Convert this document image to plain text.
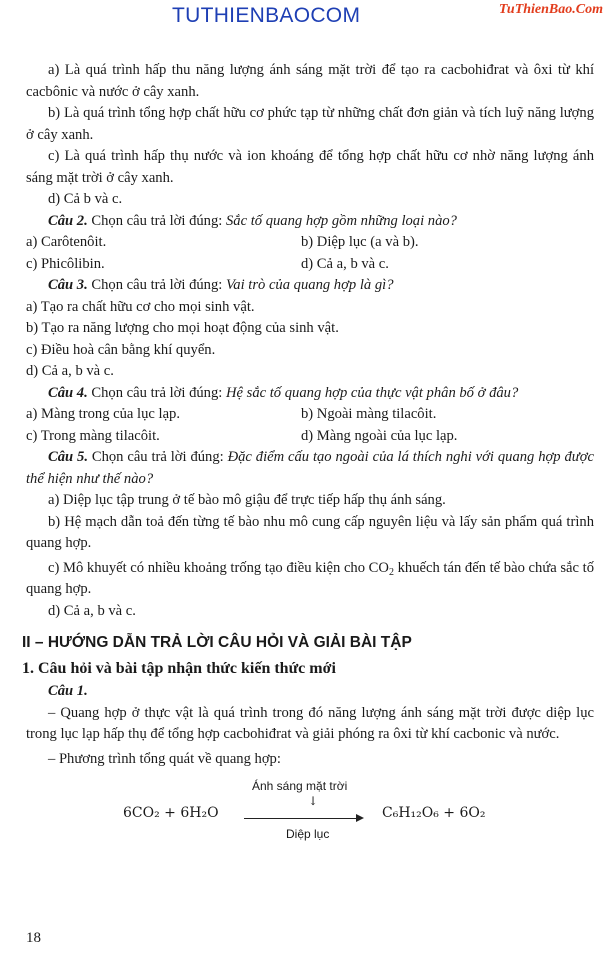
TUTHIENBAOCOM	TuThienBao.Com

a) Là quá trình hấp thu năng lượng ánh sáng mặt trời để tạo ra cacbohiđrat và ôxi từ khí cacbônic và nước ở cây xanh.

b) Là quá trình tổng hợp chất hữu cơ phức tạp từ những chất đơn giản và tích luỹ năng lượng ở cây xanh.

c) Là quá trình hấp thụ nước và ion khoáng để tổng hợp chất hữu cơ nhờ năng lượng ánh sáng mặt trời ở cây xanh.

d) Cả b và c.

Câu 2. Chọn câu trả lời đúng: Sắc tố quang hợp gồm những loại nào?

a) Carôtenôit.	b) Diệp lục (a và b).
c) Phicôlibin.	d) Cả a, b và c.

Câu 3. Chọn câu trả lời đúng: Vai trò của quang hợp là gì?

a) Tạo ra chất hữu cơ cho mọi sinh vật.

b) Tạo ra năng lượng cho mọi hoạt động của sinh vật.

c) Điều hoà cân bằng khí quyển.

d) Cả a, b và c.

Câu 4. Chọn câu trả lời đúng: Hệ sắc tố quang hợp của thực vật phân bố ở đâu?

a) Màng trong của lục lạp.	b) Ngoài màng tilacôit.
c) Trong màng tilacôit.	d) Màng ngoài của lục lạp.

Câu 5. Chọn câu trả lời đúng: Đặc điểm cấu tạo ngoài của lá thích nghi với quang hợp được thể hiện như thế nào?

a) Diệp lục tập trung ở tế bào mô giậu để trực tiếp hấp thụ ánh sáng.

b) Hệ mạch dẫn toả đến từng tế bào nhu mô cung cấp nguyên liệu và lấy sản phẩm quá trình quang hợp.

c) Mô khuyết có nhiều khoảng trống tạo điều kiện cho $CO_2$ khuếch tán đến tế bào chứa sắc tố quang hợp.

d) Cả a, b và c.

II – HƯỚNG DẪN TRẢ LỜI CÂU HỎI VÀ GIẢI BÀI TẬP
1. Câu hỏi và bài tập nhận thức kiến thức mới

Câu 1.

– Quang hợp ở thực vật là quá trình trong đó năng lượng ánh sáng mặt trời được diệp lục trong lục lạp hấp thụ để tổng hợp cacbohiđrat và giải phóng ra ôxi từ khí cacbonic và nước.

– Phương trình tổng quát về quang hợp:

6CO₂ + 6H₂O
Ánh sáng mặt trời
↓
Diệp lục
C₆H₁₂O₆ + 6O₂
18
